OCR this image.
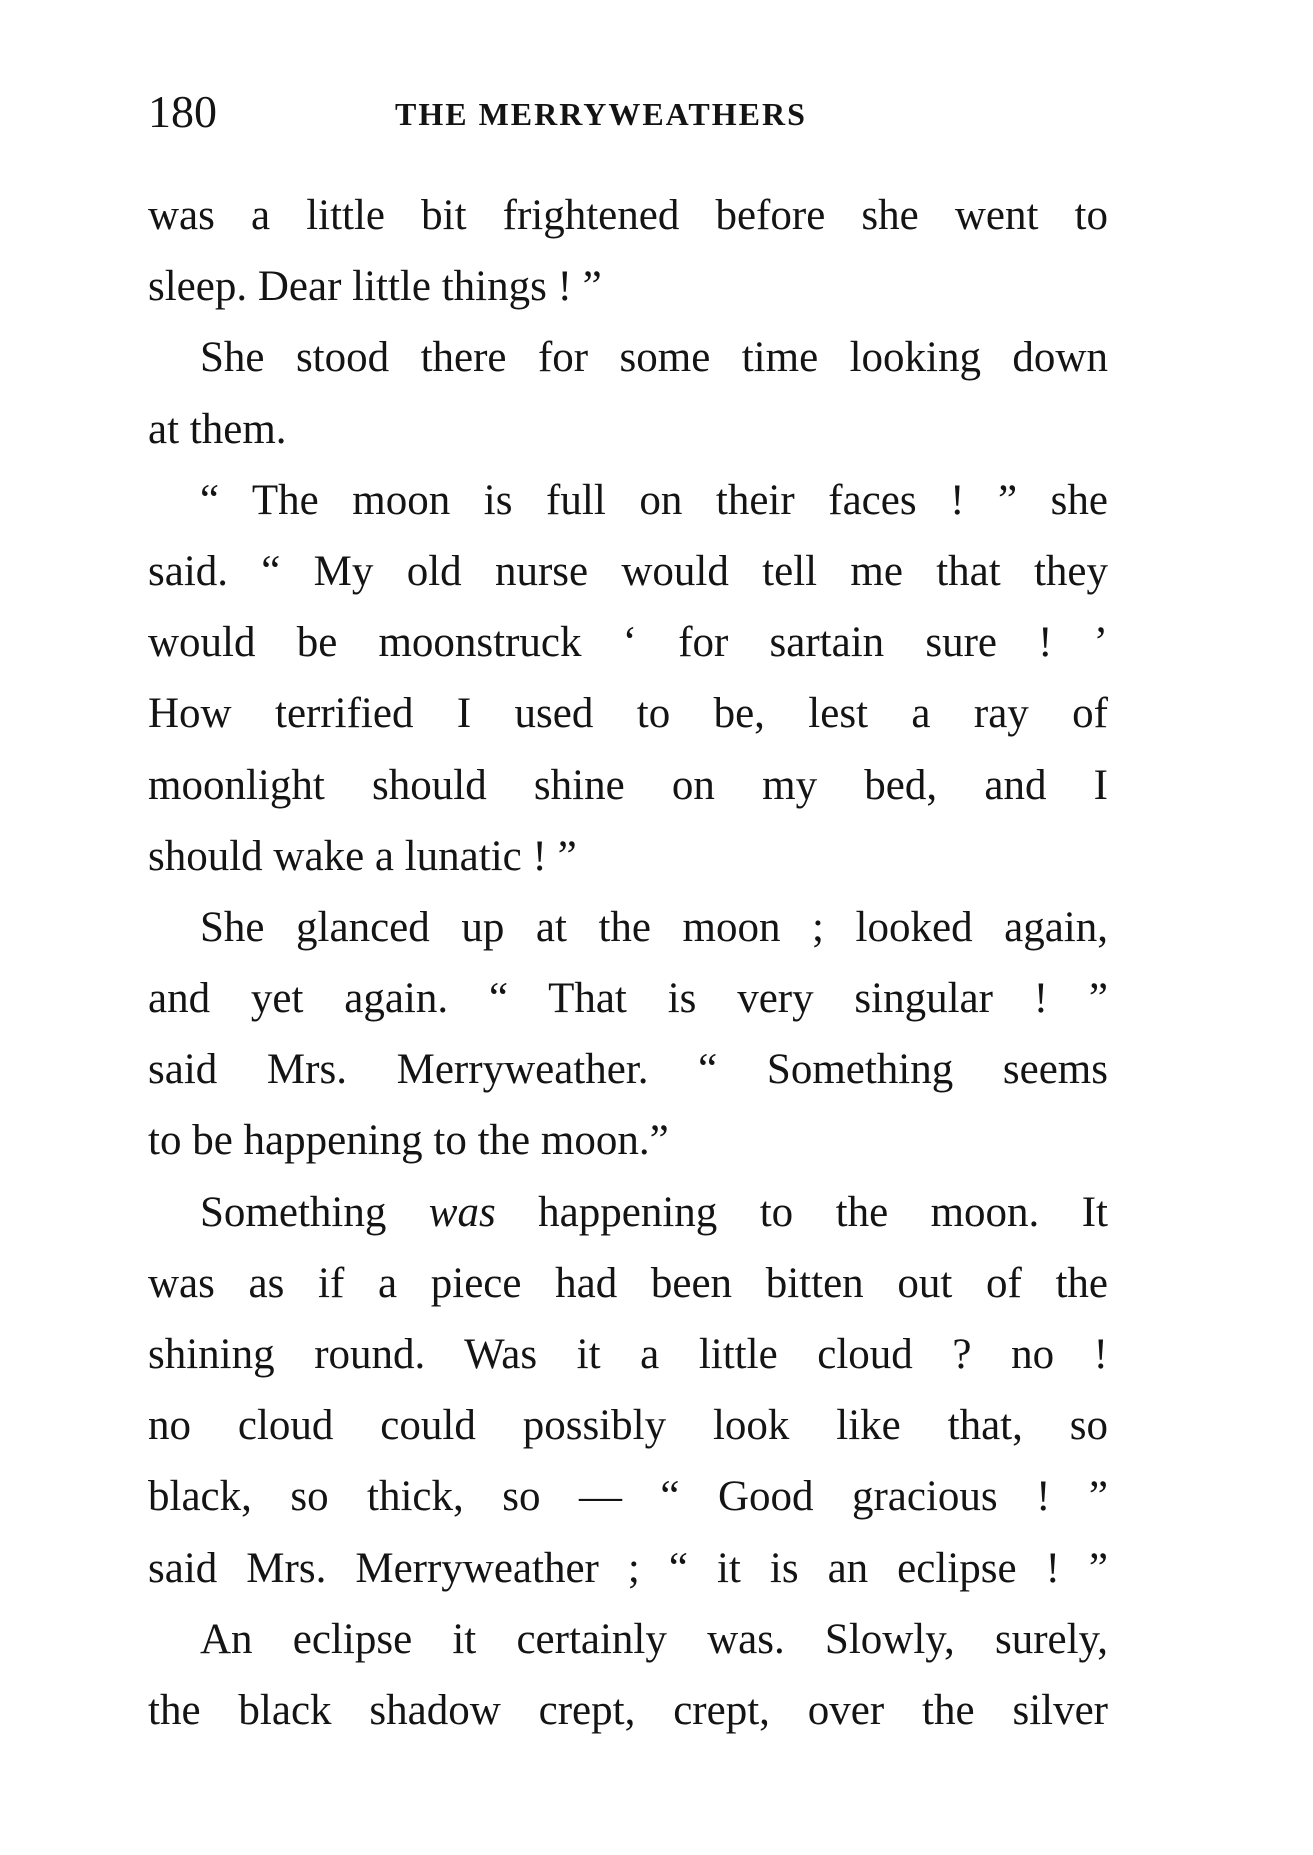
180	THE MERRYWEATHERS
was a little bit frightened before she went to
sleep. Dear little things ! ”
She stood there for some time looking down
at them.
“ The moon is full on their faces ! ” she
said. “ My old nurse would tell me that they
would be moonstruck ‘ for sartain sure ! ’
How terrified I used to be, lest a ray of
moonlight should shine on my bed, and I
should wake a lunatic ! ”
She glanced up at the moon ; looked again,
and yet again. “ That is very singular ! ”
said Mrs. Merryweather. “ Something seems
to be happening to the moon.”
Something was happening to the moon. It
was as if a piece had been bitten out of the
shining round. Was it a little cloud ? no !
no cloud could possibly look like that, so
black, so thick, so — “ Good gracious ! ”
said Mrs. Merryweather ; “ it is an eclipse ! ”
An eclipse it certainly was. Slowly, surely,
the black shadow crept, crept, over the silver
